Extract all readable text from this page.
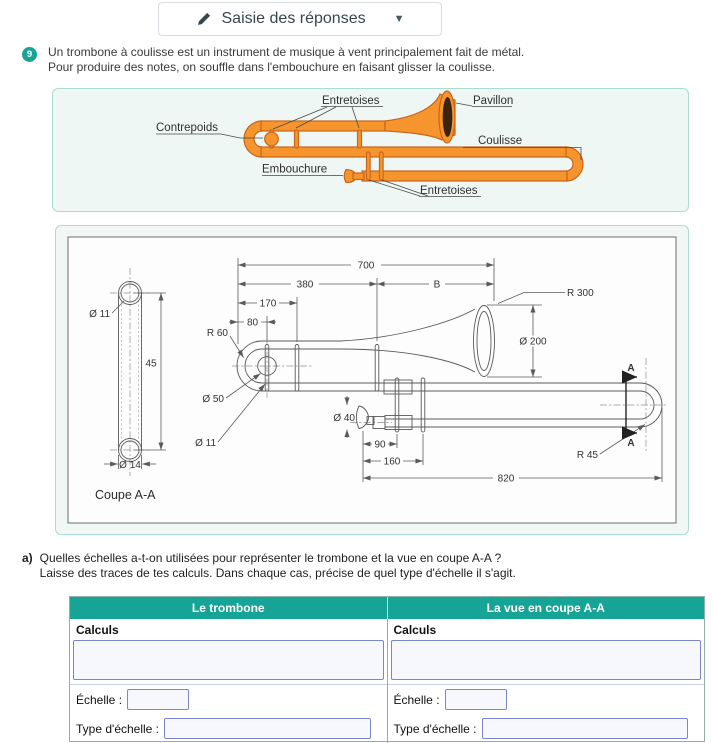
Saisie des réponses	▼
9	Un trombone à coulisse est un instrument de musique à vent principalement fait de métal.
Pour produire des notes, on souffle dans l'embouchure en faisant glisser la coulisse.
Entretoises	Pavillon
Contrepoids
Coulisse
Embouchure
Entretoises
45
Ø 11
Ø 14
Coupe A-A
700
380	B
170
80
R 60
R 300
Ø 200
Ø 50
Ø 11
Ø 40
90
160
820
R 45
A
A
a) Quelles échelles a-t-on utilisées pour représenter le trombone et la vue en coupe A-A ?
Laisse des traces de tes calculs. Dans chaque cas, précise de quel type d'échelle il s'agit.
Le trombone	La vue en coupe A-A
Calculs
Échelle :
Type d'échelle :
Calculs
Échelle :
Type d'échelle :
